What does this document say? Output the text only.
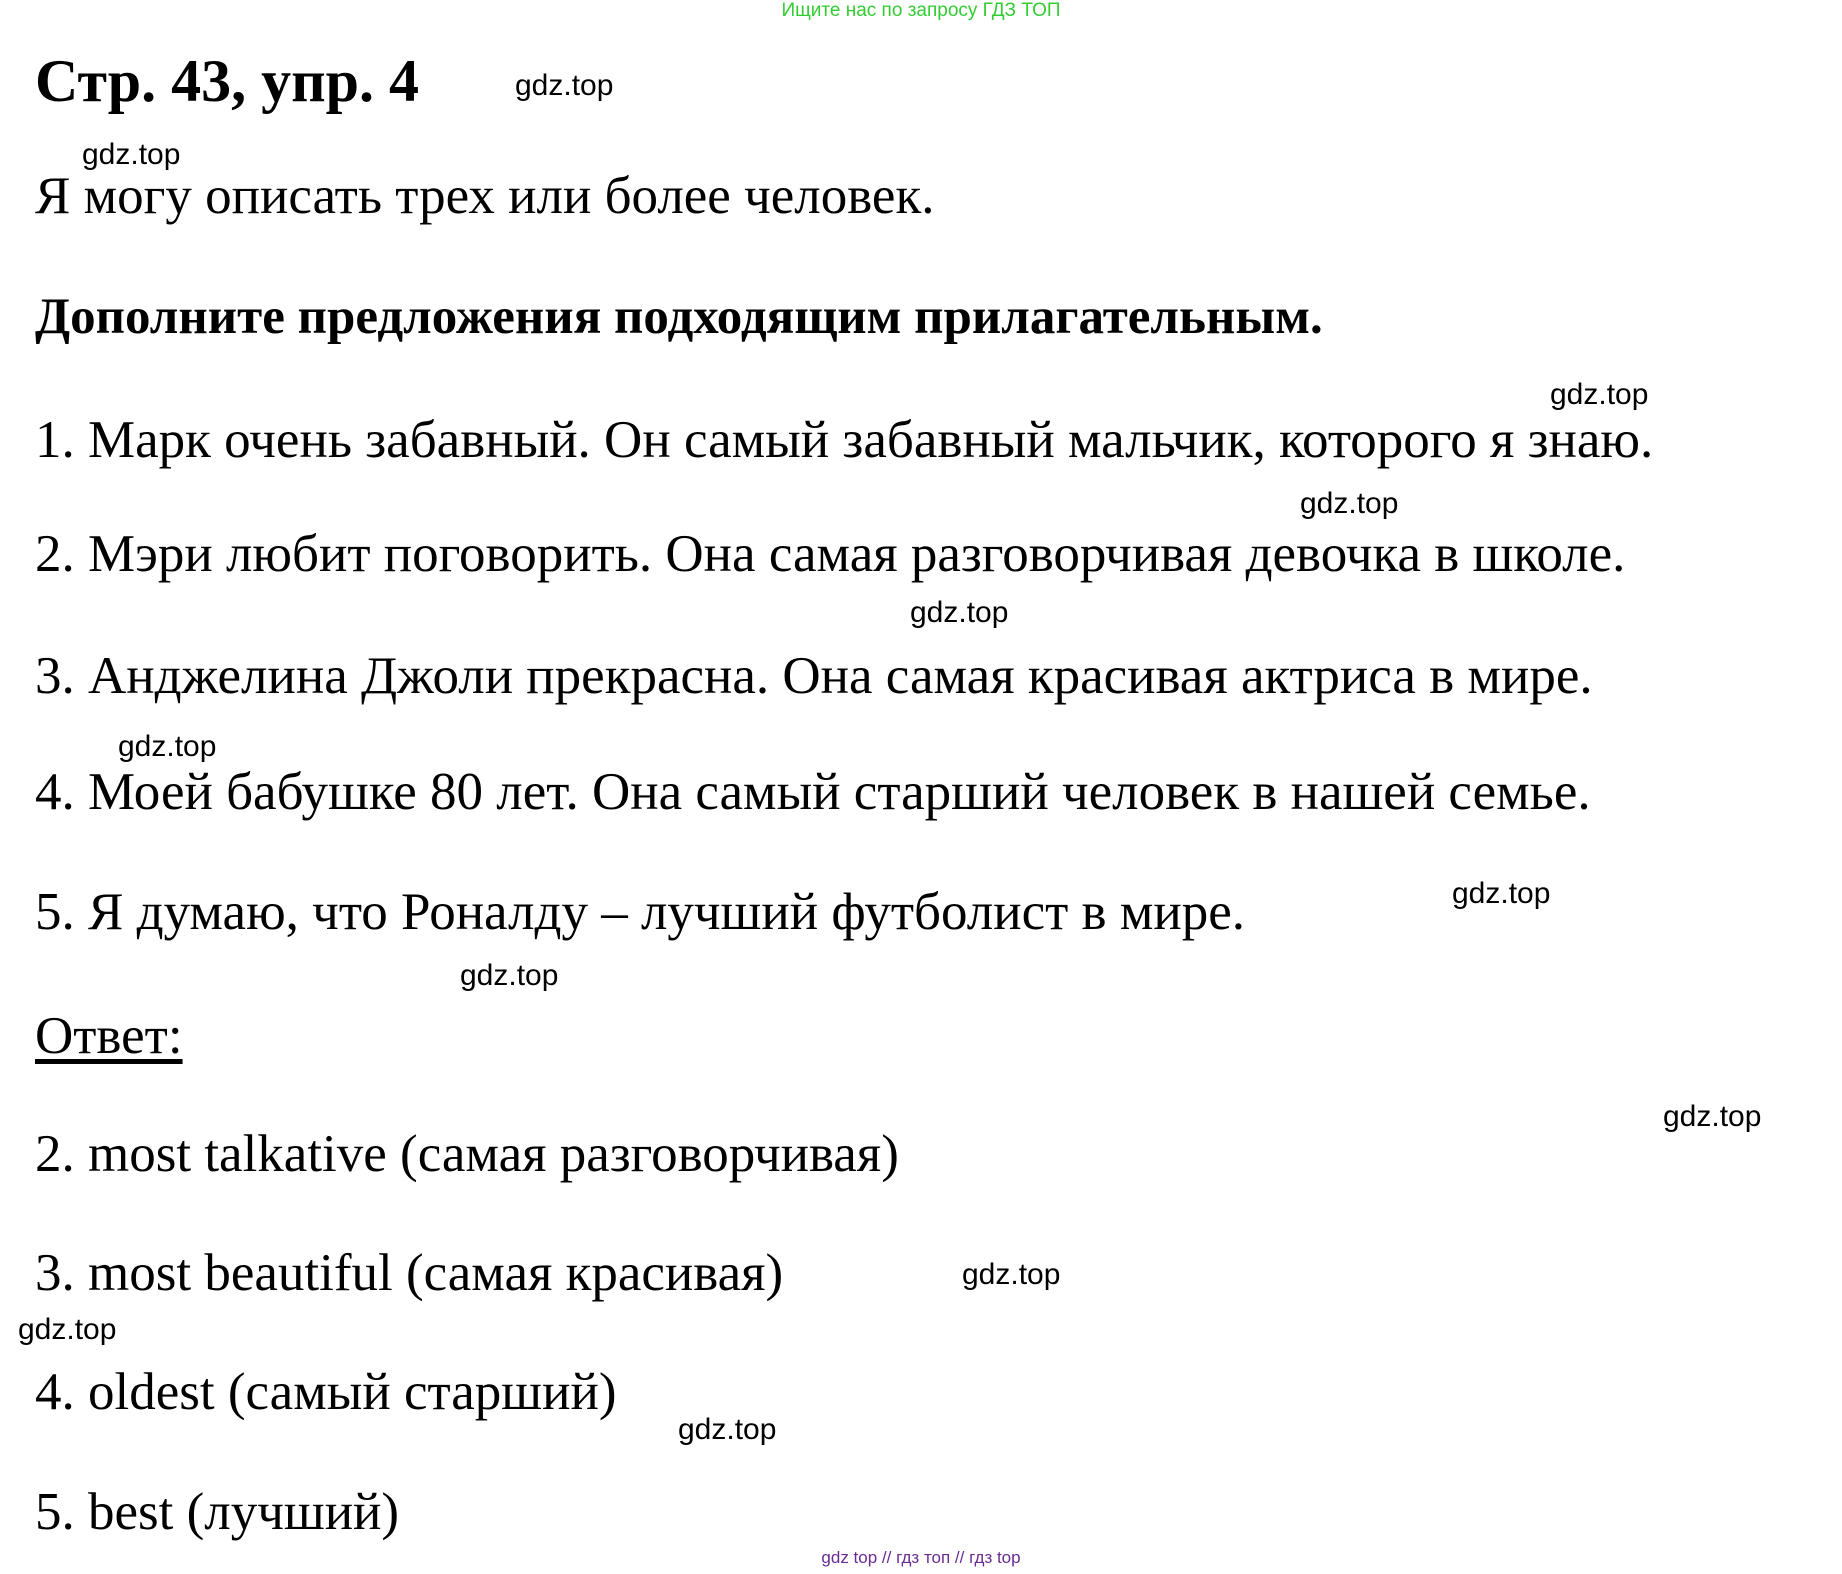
Ищите нас по запросу ГДЗ ТОП
Стр. 43, упр. 4
Я могу описать трех или более человек.
Дополните предложения подходящим прилагательным.
1. Марк очень забавный. Он самый забавный мальчик, которого я знаю.
2. Мэри любит поговорить. Она самая разговорчивая девочка в школе.
3. Анджелина Джоли прекрасна. Она самая красивая актриса в мире.
4. Моей бабушке 80 лет. Она самый старший человек в нашей семье.
5. Я думаю, что Роналду – лучший футболист в мире.
Ответ:
2. most talkative (самая разговорчивая)
3. most beautiful (самая красивая)
4. oldest (самый старший)
5. best (лучший)
gdz.top
gdz.top
gdz.top
gdz.top
gdz.top
gdz.top
gdz.top
gdz.top
gdz.top
gdz.top
gdz.top
gdz.top
gdz top // гдз топ // гдз top
